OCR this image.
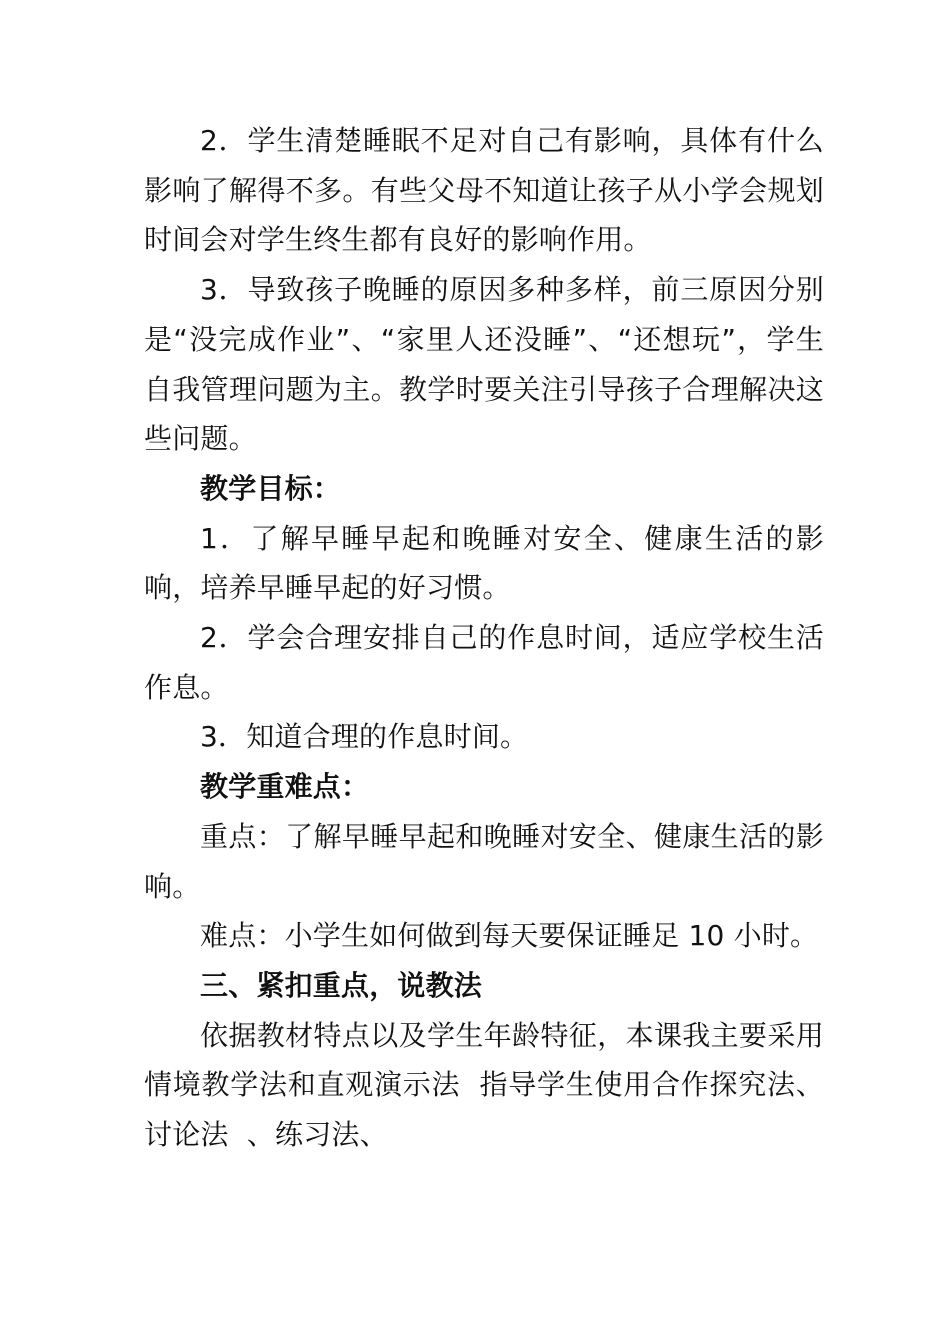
2．学生清楚睡眠不足对自己有影响，具体有什么影响了解得不多。有些父母不知道让孩子从小学会规划时间会对学生终生都有良好的影响作用。

3．导致孩子晚睡的原因多种多样，前三原因分别是“没完成作业”、“家里人还没睡”、“还想玩”，学生自我管理问题为主。教学时要关注引导孩子合理解决这些问题。

教学目标：

1．了解早睡早起和晚睡对安全、健康生活的影响，培养早睡早起的好习惯。

2．学会合理安排自己的作息时间，适应学校生活作息。

3．知道合理的作息时间。

教学重难点：

重点：了解早睡早起和晚睡对安全、健康生活的影响。

难点：小学生如何做到每天要保证睡足 10 小时。

三、紧扣重点，说教法

依据教材特点以及学生年龄特征，本课我主要采用情境教学法和直观演示法  指导学生使用合作探究法、讨论法  、练习法、
